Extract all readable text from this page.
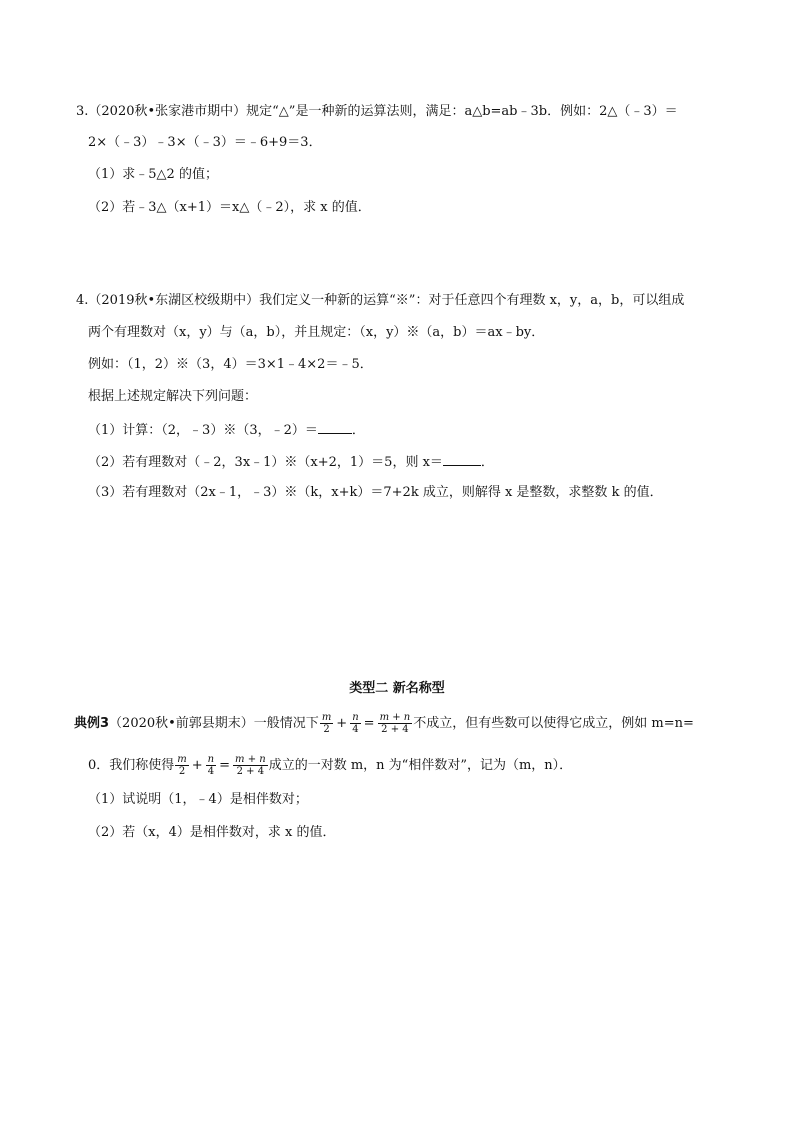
3.（2020秋•张家港市期中）规定“△”是一种新的运算法则，满足：a△b=ab﹣3b．例如：2△（﹣3）＝
2×（﹣3）﹣3×（﹣3）＝﹣6+9＝3．
（1）求﹣5△2 的值；
（2）若﹣3△（x+1）＝x△（﹣2），求 x 的值．
4.（2019秋•东湖区校级期中）我们定义一种新的运算“※”：对于任意四个有理数 x，y，a，b，可以组成
两个有理数对（x，y）与（a，b），并且规定：（x，y）※（a，b）＝ax﹣by．
例如：（1，2）※（3，4）＝3×1﹣4×2＝﹣5．
根据上述规定解决下列问题：
（1）计算：（2，﹣3）※（3，﹣2）＝	．
（2）若有理数对（﹣2，3x﹣1）※（x+2，1）＝5，则 x＝	．
（3）若有理数对（2x﹣1，﹣3）※（k，x+k）＝7+2k 成立，则解得 x 是整数，求整数 k 的值．
类型二 新名称型
典例3（2020秋•前郭县期末）一般情况下 $\frac{m}{2} + \frac{n}{4} = \frac{m + n}{2 + 4}$ 不成立，但有些数可以使得它成立，例如 m=n=
0．我们称使得 $\frac{m}{2} + \frac{n}{4} = \frac{m + n}{2 + 4}$ 成立的一对数 m，n 为“相伴数对”，记为（m，n）．
（1）试说明（1，﹣4）是相伴数对；
（2）若（x，4）是相伴数对，求 x 的值．
